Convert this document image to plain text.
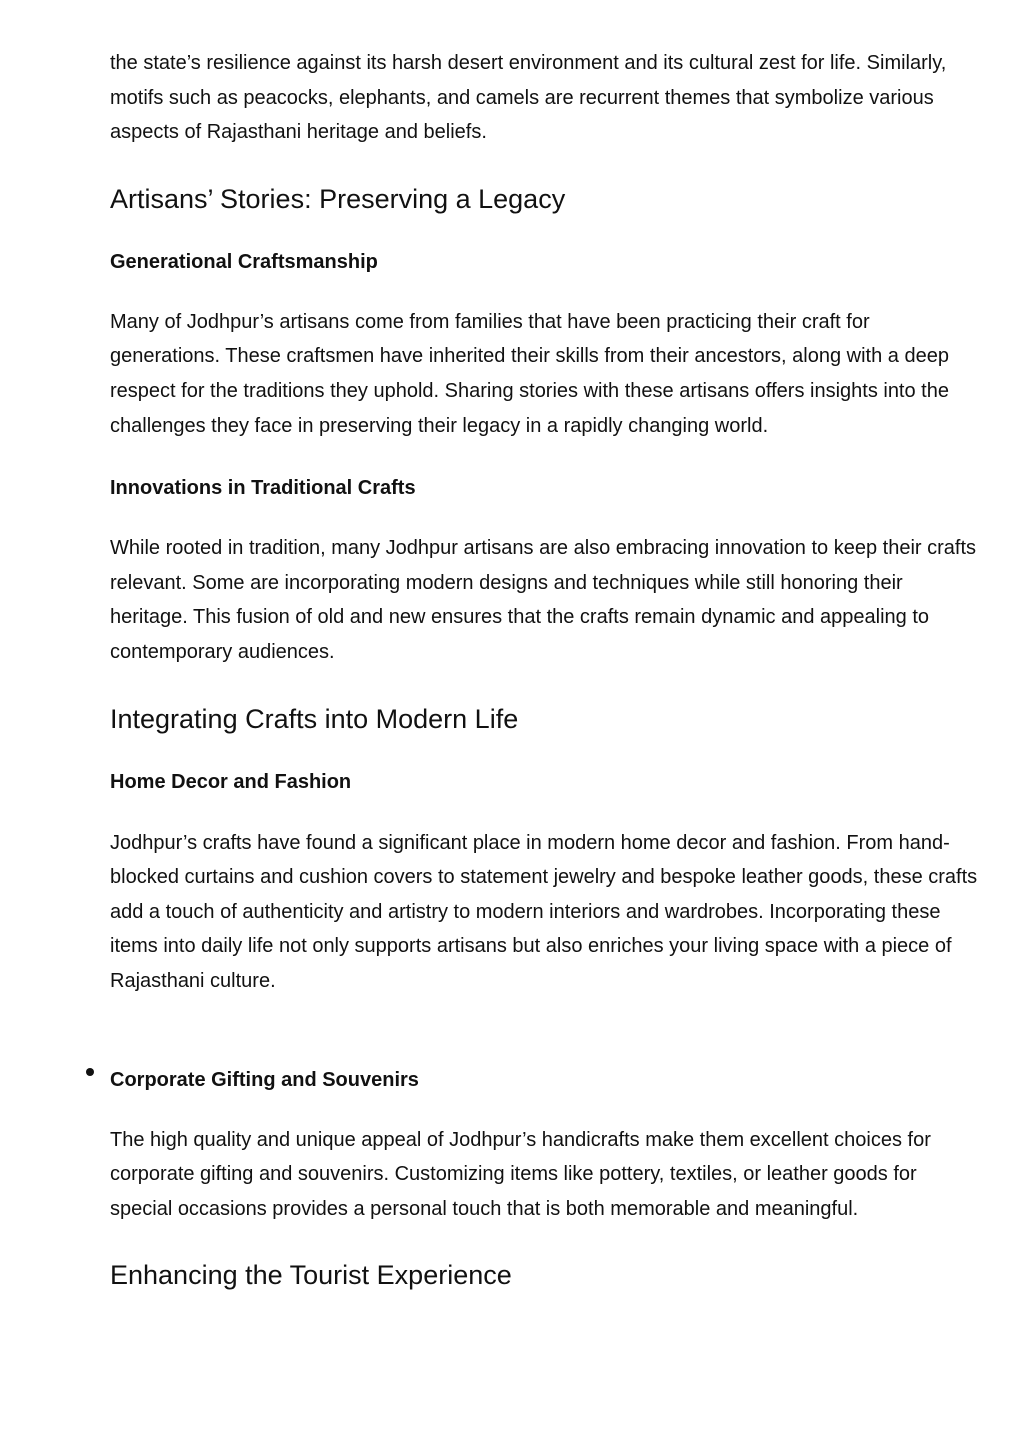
the state’s resilience against its harsh desert environment and its cultural zest for life. Similarly, motifs such as peacocks, elephants, and camels are recurrent themes that symbolize various aspects of Rajasthani heritage and beliefs.

Artisans’ Stories: Preserving a Legacy
Generational Craftsmanship

Many of Jodhpur’s artisans come from families that have been practicing their craft for generations. These craftsmen have inherited their skills from their ancestors, along with a deep respect for the traditions they uphold. Sharing stories with these artisans offers insights into the challenges they face in preserving their legacy in a rapidly changing world.

Innovations in Traditional Crafts

While rooted in tradition, many Jodhpur artisans are also embracing innovation to keep their crafts relevant. Some are incorporating modern designs and techniques while still honoring their heritage. This fusion of old and new ensures that the crafts remain dynamic and appealing to contemporary audiences.

Integrating Crafts into Modern Life
Home Decor and Fashion

Jodhpur’s crafts have found a significant place in modern home decor and fashion. From hand-blocked curtains and cushion covers to statement jewelry and bespoke leather goods, these crafts add a touch of authenticity and artistry to modern interiors and wardrobes. Incorporating these items into daily life not only supports artisans but also enriches your living space with a piece of Rajasthani culture.

Corporate Gifting and Souvenirs

The high quality and unique appeal of Jodhpur’s handicrafts make them excellent choices for corporate gifting and souvenirs. Customizing items like pottery, textiles, or leather goods for special occasions provides a personal touch that is both memorable and meaningful.

Enhancing the Tourist Experience
